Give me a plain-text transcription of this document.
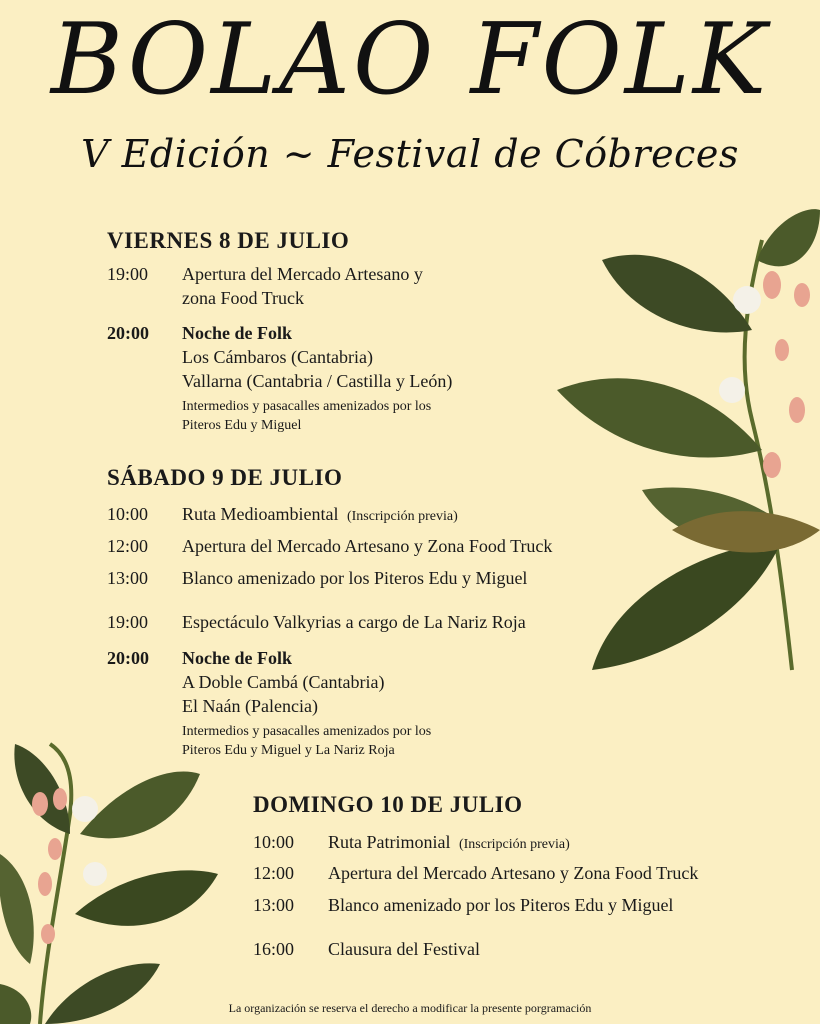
BOLAO FOLK
V Edición ~ Festival de Cóbreces
VIERNES 8 DE JULIO
19:00	Apertura del Mercado Artesano y
zona Food Truck
20:00	Noche de Folk
Los Cámbaros (Cantabria)
Vallarna (Cantabria / Castilla y León)
Intermedios y pasacalles amenizados por los
Piteros Edu y Miguel
SÁBADO 9 DE JULIO
10:00	Ruta Medioambiental (Inscripción previa)
12:00	Apertura del Mercado Artesano y Zona Food Truck
13:00	Blanco amenizado por los Piteros Edu y Miguel
19:00	Espectáculo Valkyrias a cargo de La Nariz Roja
20:00	Noche de Folk
A Doble Cambá (Cantabria)
El Naán (Palencia)
Intermedios y pasacalles amenizados por los
Piteros Edu y Miguel y La Nariz Roja
DOMINGO 10 DE JULIO
10:00	Ruta Patrimonial (Inscripción previa)
12:00	Apertura del Mercado Artesano y Zona Food Truck
13:00	Blanco amenizado por los Piteros Edu y Miguel
16:00	Clausura del Festival
La organización se reserva el derecho a modificar la presente porgramación
